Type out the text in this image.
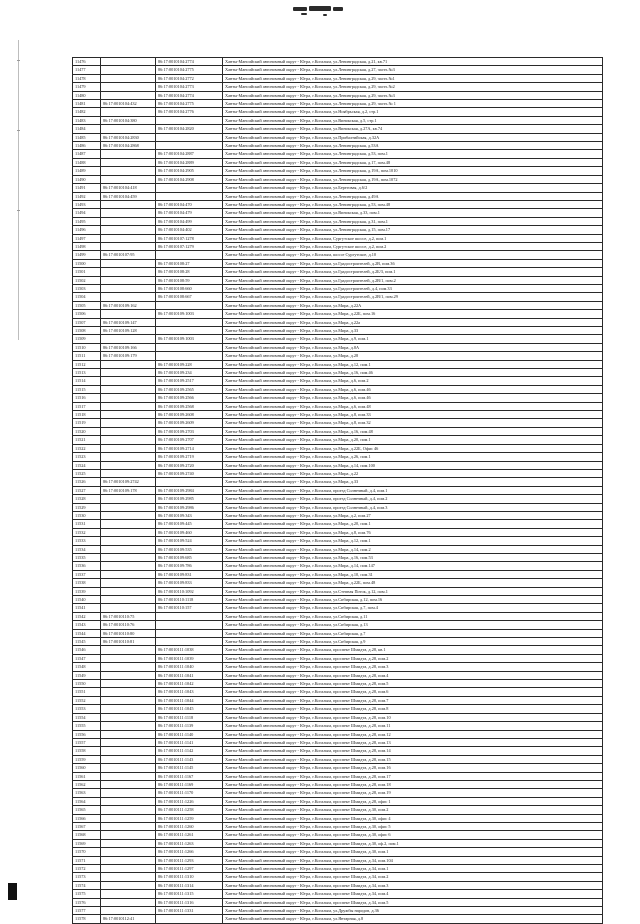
11476		86:17:0010104:2774	Ханты-Мансийский автономный округ - Югра, г.Когалым, ул.Ленинградская, д.21, кв.71
11477		86:17:0010104:2775	Ханты-Мансийский автономный округ - Югра, г.Когалым, ул.Ленинградская, д.27, часть №3
11478		86:17:0010104:2772	Ханты-Мансийский автономный округ - Югра, г.Когалым, ул.Ленинградская, д.29, часть №1
11479		86:17:0010104:2773	Ханты-Мансийский автономный округ - Югра, г.Когалым, ул.Ленинградская, д.29, часть №2
11480		86:17:0010104:2774	Ханты-Мансийский автономный округ - Югра, г.Когалым, ул.Ленинградская, д.29, часть №3
11481	86:17:0010104:432	86:17:0010104:2775	Ханты-Мансийский автономный округ - Югра, г.Когалым, ул.Ленинградская, д.29, часть № 1
11482		86:17:0010104:2776	Ханты-Мансийский автономный округ - Югра, г.Когалым, ул.Ноябрьская, д.2, стр.1
11483	86:17:0010104:380		Ханты-Мансийский автономный округ - Югра, г.Когалым, ул.Винокская, д.5, стр.1
11484		86:17:0010104:2820	Ханты-Мансийский автономный округ - Югра, г.Когалым, ул.Винокская, д.27А, кв.74
11485	86:17:0010104:2830		Ханты-Мансийский автономный округ - Югра, г.Когалым, ул.Прибалтийская, д.32А
11486	86:17:0010104:2868		Ханты-Мансийский автономный округ - Югра, г.Когалым, ул.Ленинградская, д.53А
11487		86:17:0010104:2887	Ханты-Мансийский автономный округ - Югра, г.Когалым, ул.Ленинградская, д.53, пом.1
11488		86:17:0010104:2889	Ханты-Мансийский автономный округ - Югра, г.Когалым, ул.Ленинградская, д.17, пом.48
11489		86:17:0010104:2905	Ханты-Мансийский автономный округ - Югра, г.Когалым, ул.Ленинградская, д.19А, пом.1010
11490		86:17:0010104:2908	Ханты-Мансийский автономный округ - Югра, г.Когалым, ул.Ленинградская, д.19А, пом.1072
11491	86:17:0010104:418		Ханты-Мансийский автономный округ - Югра, г.Когалым, ул.Береговая, д.6/2
11492	86:17:0010104:459		Ханты-Мансийский автономный округ - Югра, г.Когалым, ул.Ленинградская, д.49А
11493		86:17:0010104:470	Ханты-Мансийский автономный округ - Югра, г.Когалым, ул.Ленинградская, д.53, пом.48
11494		86:17:0010104:479	Ханты-Мансийский автономный округ - Югра, г.Когалым, ул.Винокская, д.33, пом.1
11495		86:17:0010104:499	Ханты-Мансийский автономный округ - Югра, г.Когалым, ул.Ленинградская, д.31, пом.1
11496		86:17:0010104:402	Ханты-Мансийский автономный округ - Югра, г.Когалым, ул.Ленинградская, д.15, пом.17
11497		86:17:0010107:1278	Ханты-Мансийский автономный округ - Югра, г.Когалым, Сургутское шоссе, д.2, пом.1
11498		86:17:0010107:1279	Ханты-Мансийский автономный округ - Югра, г.Когалым, Сургутское шоссе, д.2, пом.2
11499	86:17:0010107:95		Ханты-Мансийский автономный округ - Югра, г.Когалым, шоссе Сургутское, д.10
11500		86:17:0010108:27	Ханты-Мансийский автономный округ - Югра, г.Когалым, ул.Градостроителей, д.2В, пом.36
11501		86:17:0010108:28	Ханты-Мансийский автономный округ - Югра, г.Когалым, ул.Градостроителей, д.2Б/3, пом.1
11502		86:17:0010108:59	Ханты-Мансийский автономный округ - Югра, г.Когалым, ул.Градостроителей, д.2В/1, пом.2
11503		86:17:0010108:660	Ханты-Мансийский автономный округ - Югра, г.Когалым, ул.Градостроителей, д.4, пом.33
11504		86:17:0010108:667	Ханты-Мансийский автономный округ - Югра, г.Когалым, ул.Градостроителей, д.2В/1, пом.29
11505	86:17:0010109:162		Ханты-Мансийский автономный округ - Югра, г.Когалым, ул.Мира, д.22А
11506		86:17:0010109:1003	Ханты-Мансийский автономный округ - Югра, г.Когалым, ул.Мира, д.22Б, пом.16
11507	86:17:0010109:147		Ханты-Мансийский автономный округ - Югра, г.Когалым, ул.Мира, д.22а
11508	86:17:0010109:128		Ханты-Мансийский автономный округ - Югра, г.Когалым, ул.Мира, д.33
11509		86:17:0010109:1003	Ханты-Мансийский автономный округ - Югра, г.Когалым, ул.Мира, д.9, пом.1
11510	86:17:0010109:166		Ханты-Мансийский автономный округ - Югра, г.Когалым, ул.Мира, д.8А
11511	86:17:0010109:179		Ханты-Мансийский автономный округ - Югра, г.Когалым, ул.Мира, д.28
11512		86:17:0010109:228	Ханты-Мансийский автономный округ - Югра, г.Когалым, ул.Мира, д.12, пом.1
11513		86:17:0010109:234	Ханты-Мансийский автономный округ - Югра, г.Когалым, ул.Мира, д.16, пом.46
11514		86:17:0010109:2517	Ханты-Мансийский автономный округ - Югра, г.Когалым, ул.Мира, д.6, пом.2
11515		86:17:0010109:2565	Ханты-Мансийский автономный округ - Югра, г.Когалым, ул.Мира, д.6, пом.46
11516		86:17:0010109:2566	Ханты-Мансийский автономный округ - Югра, г.Когалым, ул.Мира, д.6, пом.46
11517		86:17:0010109:2568	Ханты-Мансийский автономный округ - Югра, г.Когалым, ул.Мира, д.6, пом.48
11518		86:17:0010109:2608	Ханты-Мансийский автономный округ - Югра, г.Когалым, ул.Мира, д.8, пом.33
11519		86:17:0010109:2609	Ханты-Мансийский автономный округ - Югра, г.Когалым, ул.Мира, д.8, пом.32
11520		86:17:0010109:2703	Ханты-Мансийский автономный округ - Югра, г.Когалым, ул.Мира, д.16, пом.48
11521		86:17:0010109:2707	Ханты-Мансийский автономный округ - Югра, г.Когалым, ул.Мира, д.20, пом.1
11522		86:17:0010109:2714	Ханты-Мансийский автономный округ - Югра, г.Когалым, ул.Мира, д.22Б, Офис 46
11523		86:17:0010109:2719	Ханты-Мансийский автономный округ - Югра, г.Когалым, ул.Мира, д.26, пом.1
11524		86:17:0010109:2720	Ханты-Мансийский автономный округ - Югра, г.Когалым, ул.Мира, д.14, пом.100
11525		86:17:0010109:2740	Ханты-Мансийский автономный округ - Югра, г.Когалым, ул.Мира, д.22
11526	86:17:0010109:2742		Ханты-Мансийский автономный округ - Югра, г.Когалым, ул.Мира, д.33
11527	86:17:0010109:178	86:17:0010109:2984	Ханты-Мансийский автономный округ - Югра, г.Когалым, проезд Солнечный, д.4, пом.1
11528		86:17:0010109:2985	Ханты-Мансийский автономный округ - Югра, г.Когалым, проезд Солнечный, д.4, пом.2
11529		86:17:0010109:2986	Ханты-Мансийский автономный округ - Югра, г.Когалым, проезд Солнечный, д.4, пом.3
11530		86:17:0010109:343	Ханты-Мансийский автономный округ - Югра, г.Когалым, ул.Мира, д.2, пом.27
11531		86:17:0010109:445	Ханты-Мансийский автономный округ - Югра, г.Когалым, ул.Мира, д.20, пом.1
11532		86:17:0010109:460	Ханты-Мансийский автономный округ - Югра, г.Когалым, ул.Мира, д.8, пом.76
11533		86:17:0010109:524	Ханты-Мансийский автономный округ - Югра, г.Когалым, ул.Мира, д.12, пом.1
11534		86:17:0010109:535	Ханты-Мансийский автономный округ - Югра, г.Когалым, ул.Мира, д.14, пом.2
11535		86:17:0010109:685	Ханты-Мансийский автономный округ - Югра, г.Когалым, ул.Мира, д.16, пом.53
11536		86:17:0010109:786	Ханты-Мансийский автономный округ - Югра, г.Когалым, ул.Мира, д.14, пом.147
11537		86:17:0010109:831	Ханты-Мансийский автономный округ - Югра, г.Когалым, ул.Мира, д.10, пом.31
11538		86:17:0010109:833	Ханты-Мансийский автономный округ - Югра, г.Когалым, ул.Мира, д.22Б, пом.48
11539		86:17:0010110:1092	Ханты-Мансийский автономный округ - Югра, г.Когалым, ул.Степная Поток, д.12, пом.1
11540		86:17:0010110:1118	Ханты-Мансийский автономный округ - Югра, г.Когалым, ул.Сибирская, д.12, пом.16
11541		86:17:0010110:157	Ханты-Мансийский автономный округ - Югра, г.Когалым, ул.Сибирская, д.7, пом.4
11542	86:17:0010110:75		Ханты-Мансийский автономный округ - Югра, г.Когалым, ул.Сибирская, д.11
11543	86:17:0010110:76		Ханты-Мансийский автономный округ - Югра, г.Когалым, ул.Сибирская, д.13
11544	86:17:0010110:80		Ханты-Мансийский автономный округ - Югра, г.Когалым, ул.Сибирская, д.7
11545	86:17:0010110:81		Ханты-Мансийский автономный округ - Югра, г.Когалым, ул.Сибирская, д.9
11546		86:17:0010111:1038	Ханты-Мансийский автономный округ - Югра, г.Когалым, проспект Шмидта, д.28, кв.1
11547		86:17:0010111:1039	Ханты-Мансийский автономный округ - Югра, г.Когалым, проспект Шмидта, д.28, пом.2
11548		86:17:0010111:1040	Ханты-Мансийский автономный округ - Югра, г.Когалым, проспект Шмидта, д.28, пом.3
11549		86:17:0010111:1041	Ханты-Мансийский автономный округ - Югра, г.Когалым, проспект Шмидта, д.28, пом.4
11550		86:17:0010111:1042	Ханты-Мансийский автономный округ - Югра, г.Когалым, проспект Шмидта, д.28, пом.5
11551		86:17:0010111:1043	Ханты-Мансийский автономный округ - Югра, г.Когалым, проспект Шмидта, д.28, пом.6
11552		86:17:0010111:1044	Ханты-Мансийский автономный округ - Югра, г.Когалым, проспект Шмидта, д.28, пом.7
11553		86:17:0010111:1045	Ханты-Мансийский автономный округ - Югра, г.Когалым, проспект Шмидта, д.28, пом.8
11554		86:17:0010111:1118	Ханты-Мансийский автономный округ - Югра, г.Когалым, проспект Шмидта, д.28, пом.10
11555		86:17:0010111:1139	Ханты-Мансийский автономный округ - Югра, г.Когалым, проспект Шмидта, д.28, пом.11
11556		86:17:0010111:1140	Ханты-Мансийский автономный округ - Югра, г.Когалым, проспект Шмидта, д.28, пом.12
11557		86:17:0010111:1141	Ханты-Мансийский автономный округ - Югра, г.Когалым, проспект Шмидта, д.28, пом.13
11558		86:17:0010111:1142	Ханты-Мансийский автономный округ - Югра, г.Когалым, проспект Шмидта, д.28, пом.14
11559		86:17:0010111:1143	Ханты-Мансийский автономный округ - Югра, г.Когалым, проспект Шмидта, д.28, пом.15
11560		86:17:0010111:1145	Ханты-Мансийский автономный округ - Югра, г.Когалым, проспект Шмидта, д.28, пом.16
11561		86:17:0010111:1167	Ханты-Мансийский автономный округ - Югра, г.Когалым, проспект Шмидта, д.28, пом.17
11562		86:17:0010111:1169	Ханты-Мансийский автономный округ - Югра, г.Когалым, проспект Шмидта, д.28, пом.18
11563		86:17:0010111:1170	Ханты-Мансийский автономный округ - Югра, г.Когалым, проспект Шмидта, д.28, пом.19
11564		86:17:0010111:1226	Ханты-Мансийский автономный округ - Югра, г.Когалым, проспект Шмидта, д.28, офис 1
11565		86:17:0010111:1258	Ханты-Мансийский автономный округ - Югра, г.Когалым, проспект Шмидта, д.30, пом.2
11566		86:17:0010111:1259	Ханты-Мансийский автономный округ - Югра, г.Когалым, проспект Шмидта, д.30, офис 4
11567		86:17:0010111:1260	Ханты-Мансийский автономный округ - Югра, г.Когалым, проспект Шмидта, д.30, офис 5
11568		86:17:0010111:1261	Ханты-Мансийский автономный округ - Югра, г.Когалым, проспект Шмидта, д.30, офис 6
11569		86:17:0010111:1263	Ханты-Мансийский автономный округ - Югра, г.Когалым, проспект Шмидта, д.30, оф.2, пом.1
11570		86:17:0010111:1266	Ханты-Мансийский автономный округ - Югра, г.Когалым, проспект Шмидта, д.30, пом.1
11571		86:17:0010111:1293	Ханты-Мансийский автономный округ - Югра, г.Когалым, проспект Шмидта, д.34, пом.104
11572		86:17:0010111:1297	Ханты-Мансийский автономный округ - Югра, г.Когалым, проспект Шмидта, д.34, пом.1
11573		86:17:0010111:1310	Ханты-Мансийский автономный округ - Югра, г.Когалым, проспект Шмидта, д.34, пом.2
11574		86:17:0010111:1314	Ханты-Мансийский автономный округ - Югра, г.Когалым, проспект Шмидта, д.34, пом.3
11575		86:17:0010111:1315	Ханты-Мансийский автономный округ - Югра, г.Когалым, проспект Шмидта, д.34, пом.4
11576		86:17:0010111:1316	Ханты-Мансийский автономный округ - Югра, г.Когалым, проспект Шмидта, д.34, пом.5
11577		86:17:0010111:1331	Ханты-Мансийский автономный округ - Югра, г.Когалым, ул.Дружбы народов, д.36
11578	86:17:0010112:41		Ханты-Мансийский автономный округ - Югра, г.Когалым, ул.Янтарная, д.8
